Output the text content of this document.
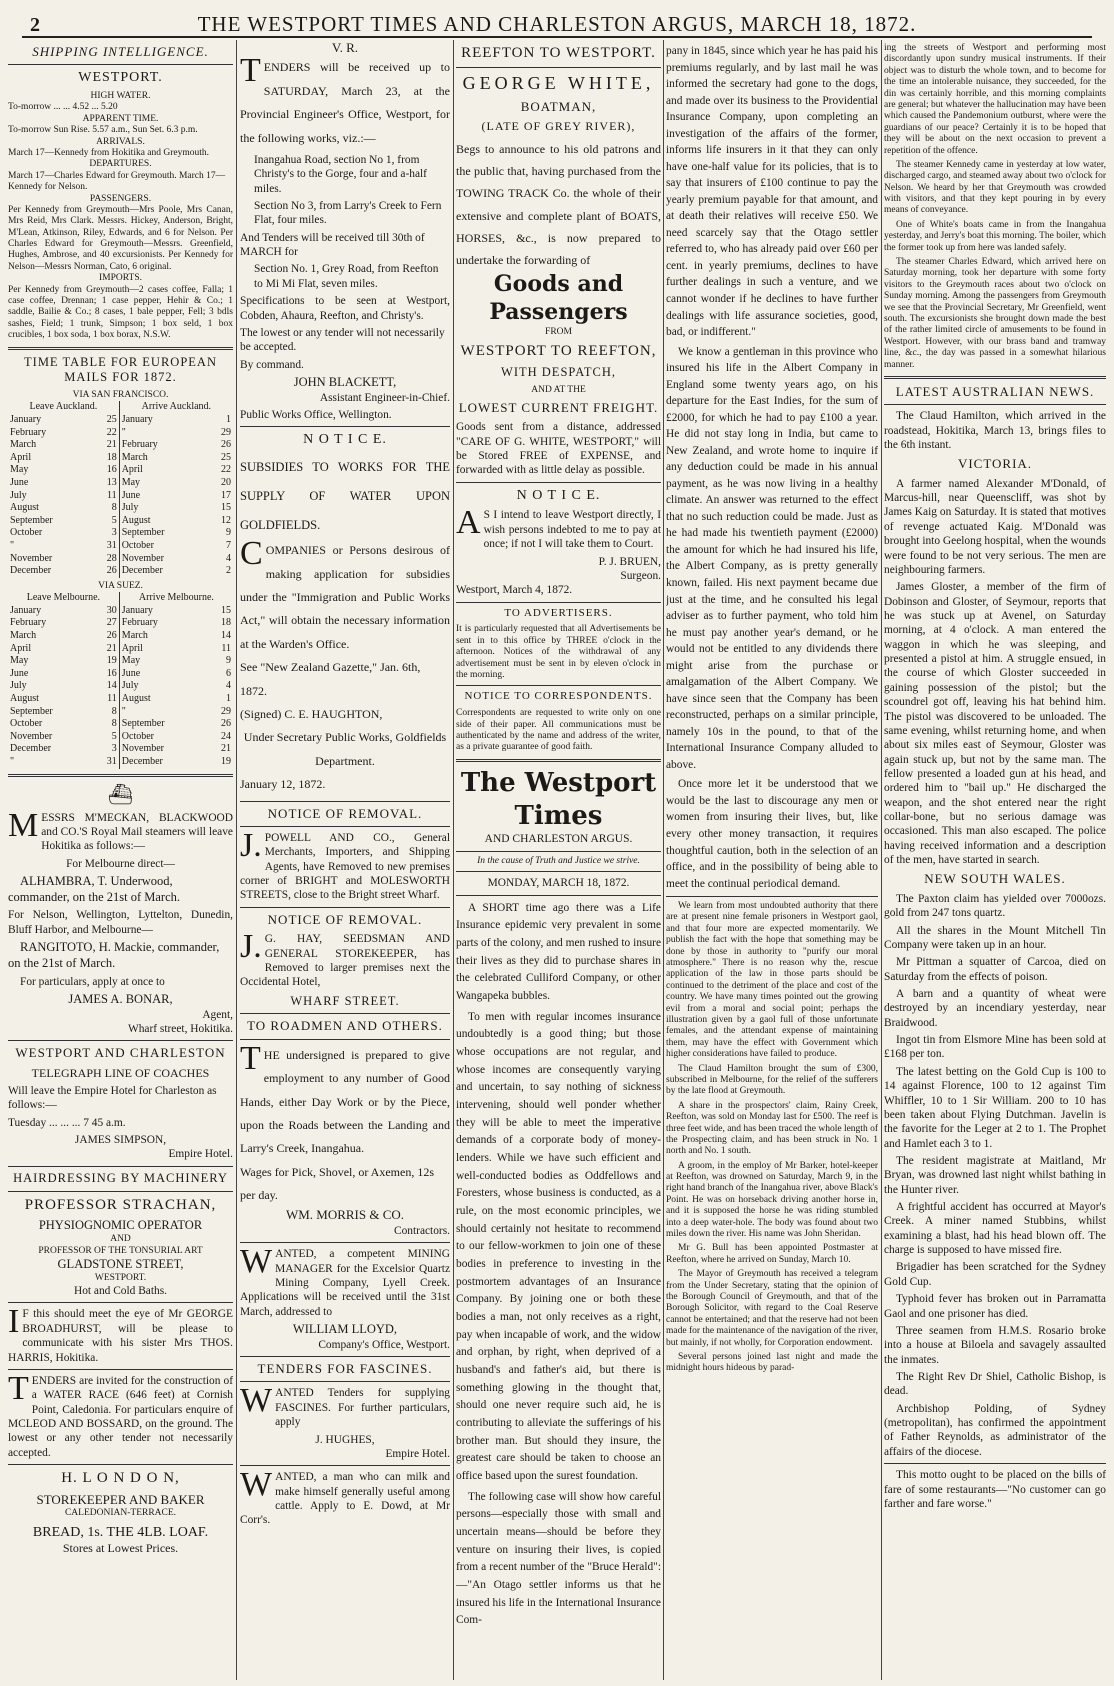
2	THE WESTPORT TIMES AND CHARLESTON ARGUS, MARCH 18, 1872.
SHIPPING INTELLIGENCE.
WESTPORT.
HIGH WATER.
To-morrow ... ... 4.52 ... 5.20
APPARENT TIME.
To-morrow Sun Rise. 5.57 a.m., Sun Set. 6.3 p.m.
ARRIVALS.
March 17—Kennedy from Hokitika and Greymouth.
DEPARTURES.
March 17—Charles Edward for Greymouth. March 17—Kennedy for Nelson.
PASSENGERS.
Per Kennedy from Greymouth—Mrs Poole, Mrs Canan, Mrs Reid, Mrs Clark. Messrs. Hickey, Anderson, Bright, M'Lean, Atkinson, Riley, Edwards, and 6 for Nelson. Per Charles Edward for Greymouth—Messrs. Greenfield, Hughes, Ambrose, and 40 excursionists. Per Kennedy for Nelson—Messrs Norman, Cato, 6 original.
IMPORTS.
Per Kennedy from Greymouth—2 cases coffee, Falla; 1 case coffee, Drennan; 1 case pepper, Hehir & Co.; 1 saddle, Bailie & Co.; 8 cases, 1 bale pepper, Fell; 3 bdls sashes, Field; 1 trunk, Simpson; 1 box seld, 1 box crucibles, 1 box soda, 1 box borax, N.S.W.
TIME TABLE FOR EUROPEAN MAILS FOR 1872.
VIA SAN FRANCISCO.
Leave Auckland.		Arrive Auckland.	
January	25	January	1
February	22	"	29
March	21	February	26
April	18	March	25
May	16	April	22
June	13	May	20
July	11	June	17
August	8	July	15
September	5	August	12
October	3	September	9
"	31	October	7
November	28	November	4
December	26	December	2
VIA SUEZ.
Leave Melbourne.		Arrive Melbourne.	
January	30	January	15
February	27	February	18
March	26	March	14
April	21	April	11
May	19	May	9
June	16	June	6
July	14	July	4
August	11	August	1
September	8	"	29
October	8	September	26
November	5	October	24
December	3	November	21
"	31	December	19
⛴

MESSRS M'MECKAN, BLACKWOOD and CO.'S Royal Mail steamers will leave Hokitika as follows:—

For Melbourne direct—

ALHAMBRA, T. Underwood, commander, on the 21st of March.

For Nelson, Wellington, Lyttelton, Dunedin, Bluff Harbor, and Melbourne—

RANGITOTO, H. Mackie, commander, on the 21st of March.

For particulars, apply at once to

JAMES A. BONAR,
Agent,
Wharf street, Hokitika.
WESTPORT AND CHARLESTON
TELEGRAPH LINE OF COACHES

Will leave the Empire Hotel for Charleston as follows:—

Tuesday ... ... ... 7 45 a.m.

JAMES SIMPSON,
Empire Hotel.
HAIRDRESSING BY MACHINERY
PROFESSOR STRACHAN,
PHYSIOGNOMIC OPERATOR
AND
PROFESSOR OF THE TONSURIAL ART
GLADSTONE STREET,
WESTPORT.
Hot and Cold Baths.

IF this should meet the eye of Mr GEORGE BROADHURST, will be please to communicate with his sister Mrs THOS. HARRIS, Hokitika.

TENDERS are invited for the construction of a WATER RACE (646 feet) at Cornish Point, Caledonia. For particulars enquire of MCLEOD AND BOSSARD, on the ground. The lowest or any other tender not necessarily accepted.

H. L O N D O N,
STOREKEEPER AND BAKER
CALEDONIAN-TERRACE.
BREAD, 1s. THE 4LB. LOAF.
Stores at Lowest Prices.
V. R.
TENDERS will be received up to SATURDAY, March 23, at the Provincial Engineer's Office, Westport, for the following works, viz.:—

Inangahua Road, section No 1, from Christy's to the Gorge, four and a-half miles.

Section No 3, from Larry's Creek to Fern Flat, four miles.

And Tenders will be received till 30th of MARCH for

Section No. 1, Grey Road, from Reefton to Mi Mi Flat, seven miles.

Specifications to be seen at Westport, Cobden, Ahaura, Reefton, and Christy's.

The lowest or any tender will not necessarily be accepted.

By command.

JOHN BLACKETT,
Assistant Engineer-in-Chief.

Public Works Office, Wellington.

N O T I C E.
SUBSIDIES TO WORKS FOR THE SUPPLY OF WATER UPON GOLDFIELDS.
COMPANIES or Persons desirous of making application for subsidies under the "Immigration and Public Works Act," will obtain the necessary information at the Warden's Office.
See "New Zealand Gazette," Jan. 6th, 1872.
(Signed) C. E. HAUGHTON,
Under Secretary Public Works, Goldfields Department.
January 12, 1872.
NOTICE OF REMOVAL.

J.POWELL AND CO., General Merchants, Importers, and Shipping Agents, have Removed to new premises corner of BRIGHT and MOLESWORTH STREETS, close to the Bright street Wharf.

NOTICE OF REMOVAL.

J.G. HAY, SEEDSMAN AND GENERAL STOREKEEPER, has Removed to larger premises next the Occidental Hotel,

WHARF STREET.
TO ROADMEN AND OTHERS.
THE undersigned is prepared to give employment to any number of Good Hands, either Day Work or by the Piece, upon the Roads between the Landing and Larry's Creek, Inangahua.
Wages for Pick, Shovel, or Axemen, 12s per day.
WM. MORRIS & CO.
Contractors.

WANTED, a competent MINING MANAGER for the Excelsior Quartz Mining Company, Lyell Creek. Applications will be received until the 31st March, addressed to

WILLIAM LLOYD,
Company's Office, Westport.
TENDERS FOR FASCINES.

WANTED Tenders for supplying FASCINES. For further particulars, apply

J. HUGHES,
Empire Hotel.

WANTED, a man who can milk and make himself generally useful among cattle. Apply to E. Dowd, at Mr Corr's.

REEFTON TO WESTPORT.
GEORGE WHITE,
BOATMAN,
(LATE OF GREY RIVER),
Begs to announce to his old patrons and the public that, having purchased from the TOWING TRACK Co. the whole of their extensive and complete plant of BOATS, HORSES, &c., is now prepared to undertake the forwarding of
Goods and Passengers
FROM
WESTPORT TO REEFTON,
WITH DESPATCH,
AND AT THE
LOWEST CURRENT FREIGHT.

Goods sent from a distance, addressed "CARE OF G. WHITE, WESTPORT," will be Stored FREE of EXPENSE, and forwarded with as little delay as possible.

N O T I C E.

AS I intend to leave Westport directly, I wish persons indebted to me to pay at once; if not I will take them to Court.

P. J. BRUEN,
Surgeon.
Westport, March 4, 1872.
TO ADVERTISERS.

It is particularly requested that all Advertisements be sent in to this office by THREE o'clock in the afternoon. Notices of the withdrawal of any advertisement must be sent in by eleven o'clock in the morning.

NOTICE TO CORRESPONDENTS.

Correspondents are requested to write only on one side of their paper. All communications must be authenticated by the name and address of the writer, as a private guarantee of good faith.

The Westport Times
AND CHARLESTON ARGUS.
In the cause of Truth and Justice we strive.
MONDAY, MARCH 18, 1872.

A SHORT time ago there was a Life Insurance epidemic very prevalent in some parts of the colony, and men rushed to insure their lives as they did to purchase shares in the celebrated Culliford Company, or other Wangapeka bubbles.

To men with regular incomes insurance undoubtedly is a good thing; but those whose occupations are not regular, and whose incomes are consequently varying and uncertain, to say nothing of sickness intervening, should well ponder whether they will be able to meet the imperative demands of a corporate body of money-lenders. While we have such efficient and well-conducted bodies as Oddfellows and Foresters, whose business is conducted, as a rule, on the most economic principles, we should certainly not hesitate to recommend to our fellow-workmen to join one of these bodies in preference to investing in the postmortem advantages of an Insurance Company. By joining one or both these bodies a man, not only receives as a right, pay when incapable of work, and the widow and orphan, by right, when deprived of a husband's and father's aid, but there is something glowing in the thought that, should one never require such aid, he is contributing to alleviate the sufferings of his brother man. But should they insure, the greatest care should be taken to choose an office based upon the surest foundation.

The following case will show how careful persons—especially those with small and uncertain means—should be before they venture on insuring their lives, is copied from a recent number of the "Bruce Herald":—"An Otago settler informs us that he insured his life in the International Insurance Com-

pany in 1845, since which year he has paid his premiums regularly, and by last mail he was informed the secretary had gone to the dogs, and made over its business to the Providential Insurance Company, upon completing an investigation of the affairs of the former, informs life insurers in it that they can only have one-half value for its policies, that is to say that insurers of £100 continue to pay the yearly premium payable for that amount, and at death their relatives will receive £50. We need scarcely say that the Otago settler referred to, who has already paid over £60 per cent. in yearly premiums, declines to have further dealings in such a venture, and we cannot wonder if he declines to have further dealings with life assurance societies, good, bad, or indifferent."

We know a gentleman in this province who insured his life in the Albert Company in England some twenty years ago, on his departure for the East Indies, for the sum of £2000, for which he had to pay £100 a year. He did not stay long in India, but came to New Zealand, and wrote home to inquire if any deduction could be made in his annual payment, as he was now living in a healthy climate. An answer was returned to the effect that no such reduction could be made. Just as he had made his twentieth payment (£2000) the amount for which he had insured his life, the Albert Company, as is pretty generally known, failed. His next payment became due just at the time, and he consulted his legal adviser as to further payment, who told him he must pay another year's demand, or he would not be entitled to any dividends there might arise from the purchase or amalgamation of the Albert Company. We have since seen that the Company has been reconstructed, perhaps on a similar principle, namely 10s in the pound, to that of the International Insurance Company alluded to above.

Once more let it be understood that we would be the last to discourage any men or women from insuring their lives, but, like every other money transaction, it requires thoughtful caution, both in the selection of an office, and in the possibility of being able to meet the continual periodical demand.

We learn from most undoubted authority that there are at present nine female prisoners in Westport gaol, and that four more are expected momentarily. We publish the fact with the hope that something may be done by those in authority to "purify our moral atmosphere." There is no reason why the, rescue application of the law in those parts should be continued to the detriment of the place and cost of the country. We have many times pointed out the growing evil from a moral and social point; perhaps the illustration given by a gaol full of those unfortunate females, and the attendant expense of maintaining them, may have the effect with Government which higher considerations have failed to produce.

The Claud Hamilton brought the sum of £300, subscribed in Melbourne, for the relief of the sufferers by the late flood at Greymouth.

A share in the prospectors' claim, Rainy Creek, Reefton, was sold on Monday last for £500. The reef is three feet wide, and has been traced the whole length of the Prospecting claim, and has been struck in No. 1 north and No. 1 south.

A groom, in the employ of Mr Barker, hotel-keeper at Reefton, was drowned on Saturday, March 9, in the right hand branch of the Inangahua river, above Black's Point. He was on horseback driving another horse in, and it is supposed the horse he was riding stumbled into a deep water-hole. The body was found about two miles down the river. His name was John Sheridan.

Mr G. Bull has been appointed Postmaster at Reefton, where he arrived on Sunday, March 10.

The Mayor of Greymouth has received a telegram from the Under Secretary, stating that the opinion of the Borough Council of Greymouth, and that of the Borough Solicitor, with regard to the Coal Reserve cannot be entertained; and that the reserve had not been made for the maintenance of the navigation of the river, but mainly, if not wholly, for Corporation endowment.

Several persons joined last night and made the midnight hours hideous by parad-

ing the streets of Westport and performing most discordantly upon sundry musical instruments. If their object was to disturb the whole town, and to become for the time an intolerable nuisance, they succeeded, for the din was certainly horrible, and this morning complaints are general; but whatever the hallucination may have been which caused the Pandemonium outburst, where were the guardians of our peace? Certainly it is to be hoped that they will be about on the next occasion to prevent a repetition of the offence.

The steamer Kennedy came in yesterday at low water, discharged cargo, and steamed away about two o'clock for Nelson. We heard by her that Greymouth was crowded with visitors, and that they kept pouring in by every means of conveyance.

One of White's boats came in from the Inangahua yesterday, and Jerry's boat this morning. The boiler, which the former took up from here was landed safely.

The steamer Charles Edward, which arrived here on Saturday morning, took her departure with some forty visitors to the Greymouth races about two o'clock on Sunday morning. Among the passengers from Greymouth we see that the Provincial Secretary, Mr Greenfield, went south. The excursionists she brought down made the best of the rather limited circle of amusements to be found in Westport. However, with our brass band and tramway line, &c., the day was passed in a somewhat hilarious manner.

LATEST AUSTRALIAN NEWS.

The Claud Hamilton, which arrived in the roadstead, Hokitika, March 13, brings files to the 6th instant.

VICTORIA.

A farmer named Alexander M'Donald, of Marcus-hill, near Queenscliff, was shot by James Kaig on Saturday. It is stated that motives of revenge actuated Kaig. M'Donald was brought into Geelong hospital, when the wounds were found to be not very serious. The men are neighbouring farmers.

James Gloster, a member of the firm of Dobinson and Gloster, of Seymour, reports that he was stuck up at Avenel, on Saturday morning, at 4 o'clock. A man entered the waggon in which he was sleeping, and presented a pistol at him. A struggle ensued, in the course of which Gloster succeeded in gaining possession of the pistol; but the scoundrel got off, leaving his hat behind him. The pistol was discovered to be unloaded. The same evening, whilst returning home, and when about six miles east of Seymour, Gloster was again stuck up, but not by the same man. The fellow presented a loaded gun at his head, and ordered him to "bail up." He discharged the weapon, and the shot entered near the right collar-bone, but no serious damage was occasioned. This man also escaped. The police having received information and a description of the men, have started in search.

NEW SOUTH WALES.

The Paxton claim has yielded over 7000ozs. gold from 247 tons quartz.

All the shares in the Mount Mitchell Tin Company were taken up in an hour.

Mr Pittman a squatter of Carcoa, died on Saturday from the effects of poison.

A barn and a quantity of wheat were destroyed by an incendiary yesterday, near Braidwood.

Ingot tin from Elsmore Mine has been sold at £168 per ton.

The latest betting on the Gold Cup is 100 to 14 against Florence, 100 to 12 against Tim Whiffler, 10 to 1 Sir William. 200 to 10 has been taken about Flying Dutchman. Javelin is the favorite for the Leger at 2 to 1. The Prophet and Hamlet each 3 to 1.

The resident magistrate at Maitland, Mr Bryan, was drowned last night whilst bathing in the Hunter river.

A frightful accident has occurred at Mayor's Creek. A miner named Stubbins, whilst examining a blast, had his head blown off. The charge is supposed to have missed fire.

Brigadier has been scratched for the Sydney Gold Cup.

Typhoid fever has broken out in Parramatta Gaol and one prisoner has died.

Three seamen from H.M.S. Rosario broke into a house at Biloela and savagely assaulted the inmates.

The Right Rev Dr Shiel, Catholic Bishop, is dead.

Archbishop Polding, of Sydney (metropolitan), has confirmed the appointment of Father Reynolds, as administrator of the affairs of the diocese.

This motto ought to be placed on the bills of fare of some restaurants—"No customer can go farther and fare worse."
